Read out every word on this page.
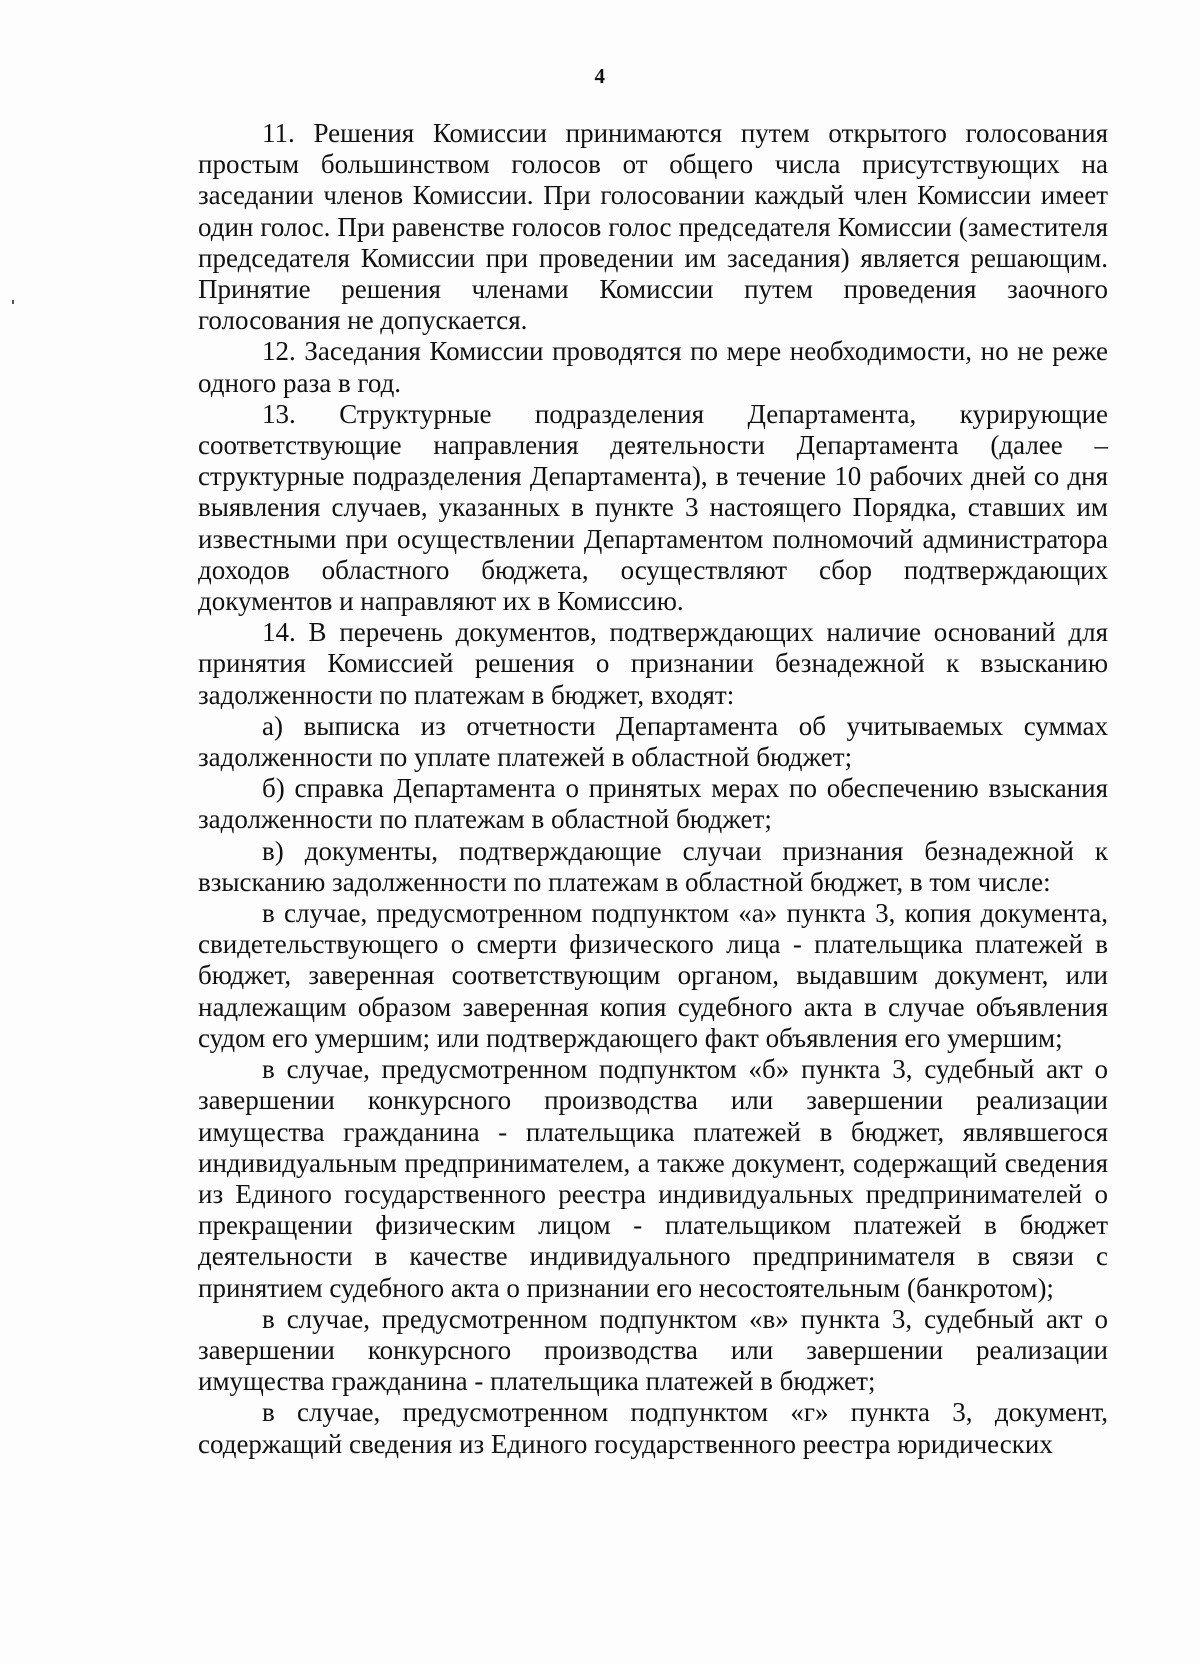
4

11. Решения Комиссии принимаются путем открытого голосования простым большинством голосов от общего числа присутствующих на заседании членов Комиссии. При голосовании каждый член Комиссии имеет один голос. При равенстве голосов голос председателя Комиссии (заместителя председателя Комиссии при проведении им заседания) является решающим. Принятие решения членами Комиссии путем проведения заочного голосования не допускается.

12. Заседания Комиссии проводятся по мере необходимости, но не реже одного раза в год.

13. Структурные подразделения Департамента, курирующие соответствующие направления деятельности Департамента (далее – структурные подразделения Департамента), в течение 10 рабочих дней со дня выявления случаев, указанных в пункте 3 настоящего Порядка, ставших им известными при осуществлении Департаментом полномочий администратора доходов областного бюджета, осуществляют сбор подтверждающих документов и направляют их в Комиссию.

14. В перечень документов, подтверждающих наличие оснований для принятия Комиссией решения о признании безнадежной к взысканию задолженности по платежам в бюджет, входят:

а) выписка из отчетности Департамента об учитываемых суммах задолженности по уплате платежей в областной бюджет;

б) справка Департамента о принятых мерах по обеспечению взыскания задолженности по платежам в областной бюджет;

в) документы, подтверждающие случаи признания безнадежной к взысканию задолженности по платежам в областной бюджет, в том числе:

в случае, предусмотренном подпунктом «а» пункта 3, копия документа, свидетельствующего о смерти физического лица - плательщика платежей в бюджет, заверенная соответствующим органом, выдавшим документ, или надлежащим образом заверенная копия судебного акта в случае объявления судом его умершим; или подтверждающего факт объявления его умершим;

в случае, предусмотренном подпунктом «б» пункта 3, судебный акт о завершении конкурсного производства или завершении реализации имущества гражданина - плательщика платежей в бюджет, являвшегося индивидуальным предпринимателем, а также документ, содержащий сведения из Единого государственного реестра индивидуальных предпринимателей о прекращении физическим лицом - плательщиком платежей в бюджет деятельности в качестве индивидуального предпринимателя в связи с принятием судебного акта о признании его несостоятельным (банкротом);

в случае, предусмотренном подпунктом «в» пункта 3, судебный акт о завершении конкурсного производства или завершении реализации имущества гражданина - плательщика платежей в бюджет;

в случае, предусмотренном подпунктом «г» пункта 3, документ, содержащий сведения из Единого государственного реестра юридических
